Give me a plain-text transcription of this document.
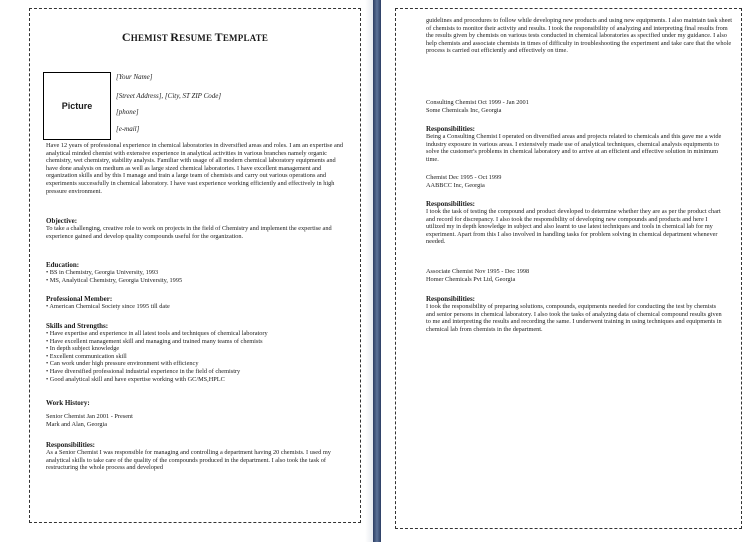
CHEMIST RESUME TEMPLATE
Picture
[Your Name]
[Street Address], [City, ST ZIP Code]
[phone]
[e-mail]

Have 12 years of professional experience in chemical laboratories in diversified areas and roles. I am an expertise and analytical minded chemist with extensive experience in analytical activities in various branches namely organic chemistry, wet chemistry, stability analysis. Familiar with usage of all modern chemical laboratory equipments and have done analysis on medium as well as large sized chemical laboratories. I have excellent management and organization skills and by this I manage and train a large team of chemists and carry out various operations and experiments successfully in chemical laboratory. I have vast experience working efficiently and effectively in high pressure environment.

Objective:

To take a challenging, creative role to work on projects in the field of Chemistry and implement the expertise and experience gained and develop quality compounds useful for the organization.

Education:

• BS in Chemistry, Georgia University, 1993

• MS, Analytical Chemistry, Georgia University, 1995

Professional Member:

• American Chemical Society since 1995 till date

Skills and Strengths:

• Have expertise and experience in all latest tools and techniques of chemical laboratory

• Have excellent management skill and managing and trained many teams of chemists

• In depth subject knowledge

• Excellent communication skill

• Can work under high pressure environment with efficiency

• Have diversified professional industrial experience in the field of chemistry

• Good analytical skill and have expertise working with GC/MS,HPLC

Work History:

Senior Chemist Jan 2001 - Present

Mark and Alan, Georgia

Responsibilities:

As a Senior Chemist I was responsible for managing and controlling a department having 20 chemists. I used my analytical skills to take care of the quality of the compounds produced in the department. I also took the task of restructuring the whole process and developed

guidelines and procedures to follow while developing new products and using new equipments. I also maintain task sheet of chemists to monitor their activity and results. I took the responsibility of analyzing and interpreting final results from the results given by chemists on various tests conducted in chemical laboratories as specified under my guidance. I also help chemists and associate chemists in times of difficulty in troubleshooting the experiment and take care that the whole process is carried out efficiently and effectively on time.

Consulting Chemist Oct 1999 - Jan 2001

Some Chemicals Inc, Georgia

Responsibilities:

Being a Consulting Chemist I operated on diversified areas and projects related to chemicals and this gave me a wide industry exposure in various areas. I extensively made use of analytical techniques, chemical analysis equipments to solve the customer's problems in chemical laboratory and to arrive at an efficient and effective solution in minimum time.

Chemist Dec 1995 - Oct 1999

AABBCC Inc, Georgia

Responsibilities:

I took the task of testing the compound and product developed to determine whether they are as per the product chart and record for discrepancy. I also took the responsibility of developing new compounds and products and here I utilized my in depth knowledge in subject and also learnt to use latest techniques and tools in chemical lab for my experiment. Apart from this I also involved in handling tasks for problem solving in chemical department whenever needed.

Associate Chemist Nov 1995 - Dec 1998

Homer Chemicals Pvt Ltd, Georgia

Responsibilities:

I took the responsibility of preparing solutions, compounds, equipments needed for conducting the test by chemists and senior persons in chemical laboratory. I also took the tasks of analyzing data of chemical compound results given to me and interpreting the results and recording the same. I underwent training in using techniques and equipments in chemical lab from chemists in the department.
